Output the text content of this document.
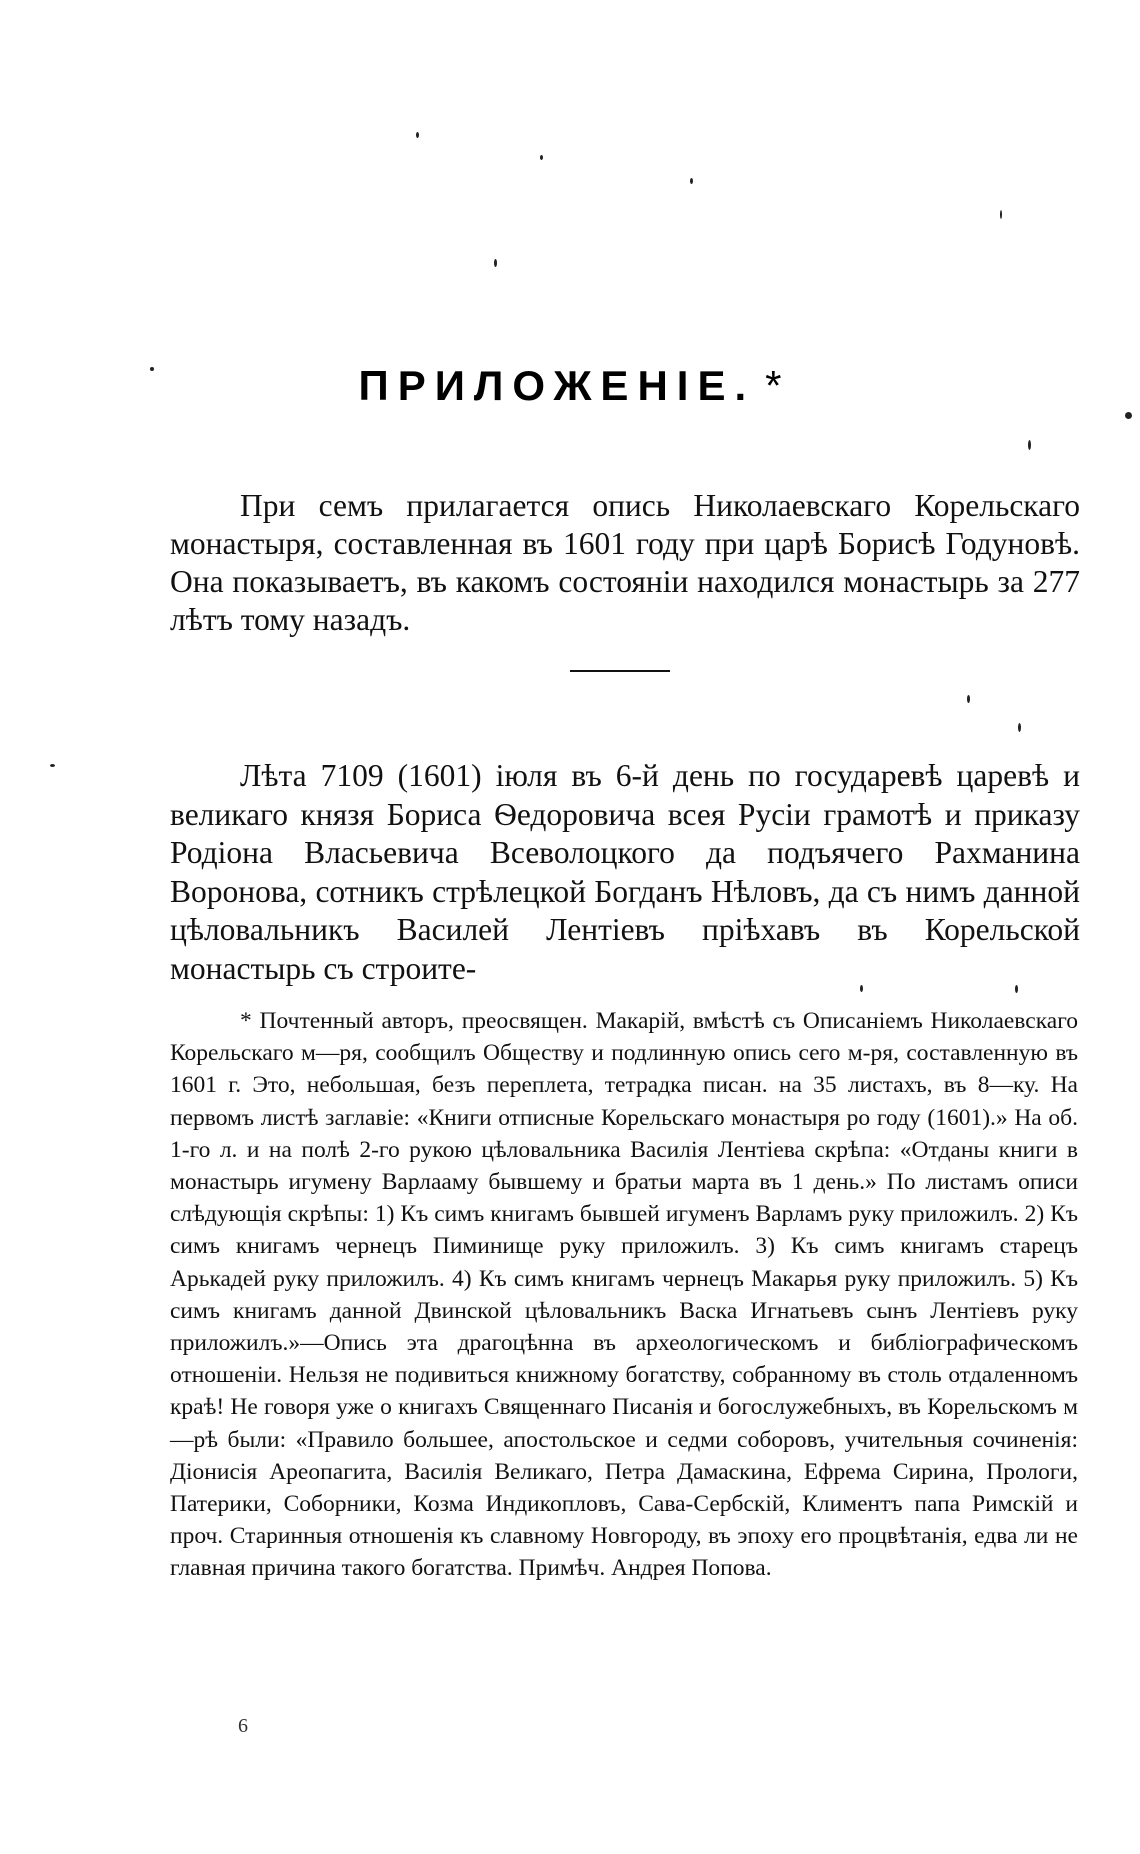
ПРИЛОЖЕНІЕ. *

При семъ прилагается опись Николаевскаго Корельскаго монастыря, составленная въ 1601 году при царѣ Борисѣ Годуновѣ. Она показываетъ, въ какомъ состояніи находился монастырь за 277 лѣтъ тому назадъ.

Лѣта 7109 (1601) іюля въ 6-й день по государевѣ царевѣ и великаго князя Бориса Ѳедоровича всея Русіи грамотѣ и приказу Родіона Власьевича Всеволоцкого да подъячего Рахманина Воронова, сотникъ стрѣлецкой Богданъ Нѣловъ, да съ нимъ данной цѣловальникъ Василей Лентіевъ пріѣхавъ въ Корельской монастырь съ строите-

* Почтенный авторъ, преосвящен. Макарій, вмѣстѣ съ Описаніемъ Николаевскаго Корельскаго м—ря, сообщилъ Обществу и подлинную опись сего м-ря, составленную въ 1601 г. Это, небольшая, безъ переплета, тетрадка писан. на 35 листахъ, въ 8—ку. На первомъ листѣ заглавіе: «Книги отписные Корельскаго монастыря ро году (1601).» На об. 1-го л. и на полѣ 2-го рукою цѣловальника Василія Лентіева скрѣпа: «Отданы книги в монастырь игумену Варлааму бывшему и братьи марта въ 1 день.» По листамъ описи слѣдующія скрѣпы: 1) Къ симъ книгамъ бывшей игуменъ Варламъ руку приложилъ. 2) Къ симъ книгамъ чернецъ Пиминище руку приложилъ. 3) Къ симъ книгамъ старецъ Арькадей руку приложилъ. 4) Къ симъ книгамъ чернецъ Макарья руку приложилъ. 5) Къ симъ книгамъ данной Двинской цѣловальникъ Васка Игнатьевъ сынъ Лентіевъ руку приложилъ.»—Опись эта драгоцѣнна въ археологическомъ и библіографическомъ отношеніи. Нельзя не подивиться книжному богатству, собранному въ столь отдаленномъ краѣ! Не говоря уже о книгахъ Священнаго Писанія и богослужебныхъ, въ Корельскомъ м—рѣ были: «Правило большее, апостольское и седми соборовъ, учительныя сочиненія: Діонисія Ареопагита, Василія Великаго, Петра Дамаскина, Ефрема Сирина, Прологи, Патерики, Соборники, Козма Индикопловъ, Сава-Сербскій, Климентъ папа Римскій и проч. Старинныя отношенія къ славному Новгороду, въ эпоху его процвѣтанія, едва ли не главная причина такого богатства. Примѣч. Андрея Попова.

6
